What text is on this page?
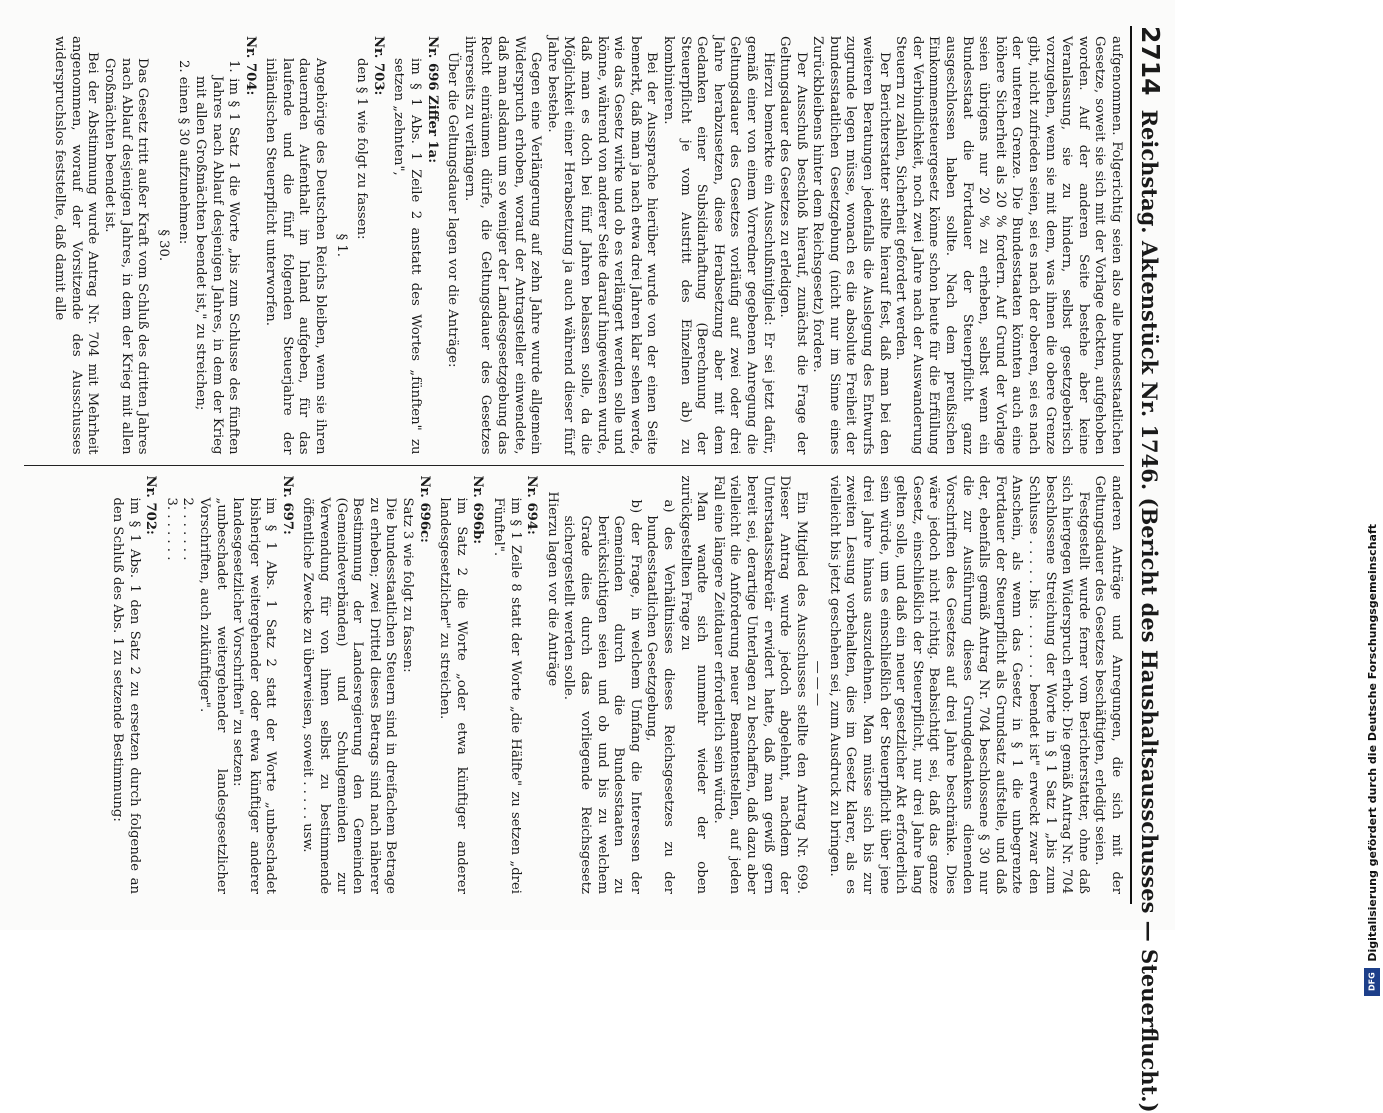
2714
Reichstag. Aktenstück Nr. 1746. (Bericht des Haushaltsausschusses — Steuerflucht.)

aufgenommen. Folgerichtig seien also alle bundesstaatlichen Gesetze, soweit sie sich mit der Vorlage deckten, aufgehoben worden. Auf der anderen Seite bestehe aber keine Veranlassung, sie zu hindern, selbst gesetzgeberisch vorzugehen, wenn sie mit dem, was ihnen die obere Grenze gibt, nicht zufrieden seien, sei es nach der oberen, sei es nach der unteren Grenze. Die Bundesstaaten könnten auch eine höhere Sicherheit als 20 % fordern. Auf Grund der Vorlage seien übrigens nur 20 % zu erheben, selbst wenn ein Bundesstaat die Fortdauer der Steuerpflicht ganz ausgeschlossen haben sollte. Nach dem preußischen Einkommensteuergesetz könne schon heute für die Erfüllung der Verbindlichkeit, noch zwei Jahre nach der Auswanderung Steuern zu zahlen, Sicherheit gefordert werden.

Der Berichterstatter stellte hierauf fest, daß man bei den weiteren Beratungen jedenfalls die Auslegung des Entwurfs zugrunde legen müsse, wonach es die absolute Freiheit der bundesstaatlichen Gesetzgebung (nicht nur im Sinne eines Zurückbleibens hinter dem Reichsgesetz) fordere.

Der Ausschuß beschloß hierauf, zunächst die Frage der Geltungsdauer des Gesetzes zu erledigen.

Hierzu bemerkte ein Ausschußmitglied: Er sei jetzt dafür, gemäß einer von einem Vorredner gegebenen Anregung die Geltungsdauer des Gesetzes vorläufig auf zwei oder drei Jahre herabzusetzen, diese Herabsetzung aber mit dem Gedanken einer Subsidiarhaftung (Berechnung der Steuerpflicht je vom Austritt des Einzelnen ab) zu kombinieren.

Bei der Aussprache hierüber wurde von der einen Seite bemerkt, daß man ja nach etwa drei Jahren klar sehen werde, wie das Gesetz wirke und ob es verlängert werden solle und könne, während von anderer Seite darauf hingewiesen wurde, daß man es doch bei fünf Jahren belassen solle, da die Möglichkeit einer Herabsetzung ja auch während dieser fünf Jahre bestehe.

Gegen eine Verlängerung auf zehn Jahre wurde allgemein Widerspruch erhoben, worauf der Antragsteller einwendete, daß man alsdann um so weniger der Landesgesetzgebung das Recht einräumen dürfe, die Geltungsdauer des Gesetzes ihrerseits zu verlängern.

Über die Geltungsdauer lagen vor die Anträge:

Nr. 696 Ziffer 1a:

im § 1 Abs. 1 Zeile 2 anstatt des Wortes „fünften" zu setzen „zehnten",

Nr. 703:

den § 1 wie folgt zu fassen:

§ 1.

Angehörige des Deutschen Reichs bleiben, wenn sie ihren dauernden Aufenthalt im Inland aufgeben, für das laufende und die fünf folgenden Steuerjahre der inländischen Steuerpflicht unterworfen.

Nr. 704:

1. im § 1 Satz 1 die Worte „bis zum Schlusse des fünften Jahres nach Ablauf desjenigen Jahres, in dem der Krieg mit allen Großmächten beendet ist," zu streichen;

2. einen § 30 aufzunehmen:

§ 30.

Das Gesetz tritt außer Kraft vom Schluß des dritten Jahres nach Ablauf desjenigen Jahres, in dem der Krieg mit allen Großmächten beendet ist.

Bei der Abstimmung wurde Antrag Nr. 704 mit Mehrheit angenommen, worauf der Vorsitzende des Ausschusses widerspruchslos feststellte, daß damit alle

anderen Anträge und Anregungen, die sich mit der Geltungsdauer des Gesetzes beschäftigten, erledigt seien.

Festgestellt wurde ferner vom Berichterstatter, ohne daß sich hiergegen Widerspruch erhob: Die gemäß Antrag Nr. 704 beschlossene Streichung der Worte in § 1 Satz 1 „bis zum Schlusse . . . . . bis . . . . . . . beendet ist" erweckt zwar den Anschein, als wenn das Gesetz in § 1 die unbegrenzte Fortdauer der Steuerpflicht als Grundsatz aufstelle, und daß der, ebenfalls gemäß Antrag Nr. 704 beschlossene § 30 nur die zur Ausführung dieses Grundgedankens dienenden Vorschriften des Gesetzes auf drei Jahre beschränke. Dies wäre jedoch nicht richtig. Beabsichtigt sei, daß das ganze Gesetz, einschließlich der Steuerpflicht, nur drei Jahre lang gelten solle, und daß ein neuer gesetzlicher Akt erforderlich sein würde, um es einschließlich der Steuerpflicht über jene drei Jahre hinaus auszudehnen. Man müsse sich bis zur zweiten Lesung vorbehalten, dies im Gesetz klarer, als es vielleicht bis jetzt geschehen sei, zum Ausdruck zu bringen.

———

Ein Mitglied des Ausschusses stellte den Antrag Nr. 699. Dieser Antrag wurde jedoch abgelehnt, nachdem der Unterstaatssekretär erwidert hatte, daß man gewiß gern bereit sei, derartige Unterlagen zu beschaffen, daß dazu aber vielleicht die Anforderung neuer Beamtenstellen, auf jeden Fall eine längere Zeitdauer erforderlich sein würde.

Man wandte sich nunmehr wieder der oben zurückgestellten Frage zu

a) des Verhältnisses dieses Reichsgesetzes zu der bundesstaatlichen Gesetzgebung,

b) der Frage, in welchem Umfang die Interessen der Gemeinden durch die Bundesstaaten zu berücksichtigen seien und ob und bis zu welchem Grade dies durch das vorliegende Reichsgesetz sichergestellt werden solle.

Hierzu lagen vor die Anträge

Nr. 694:

im § 1 Zeile 8 statt der Worte „die Hälfte" zu setzen „drei Fünftel".

Nr. 696b:

im Satz 2 die Worte „oder etwa künftiger anderer landesgesetzlicher" zu streichen.

Nr. 696c:

Satz 3 wie folgt zu fassen:

Die bundesstaatlichen Steuern sind in dreifachem Betrage zu erheben; zwei Drittel dieses Betrags sind nach näherer Bestimmung der Landesregierung den Gemeinden (Gemeindeverbänden) und Schulgemeinden zur Verwendung für von ihnen selbst zu bestimmende öffentliche Zwecke zu überweisen, soweit . . . . . usw.

Nr. 697:

im § 1 Abs. 1 Satz 2 statt der Worte „unbeschadet bisheriger weitergehender oder etwa künftiger anderer landesgesetzlicher Vorschriften" zu setzen:

„unbeschadet weitergehender landesgesetzlicher Vorschriften, auch zukünftiger".

2. . . . . . .

3. . . . . . .

Nr. 702:

im § 1 Abs. 1 den Satz 2 zu ersetzen durch folgende an den Schluß des Abs. 1 zu setzende Bestimmung:	Digitalisierung gefördert durch die Deutsche Forschungsgemeinschaft
DFG
